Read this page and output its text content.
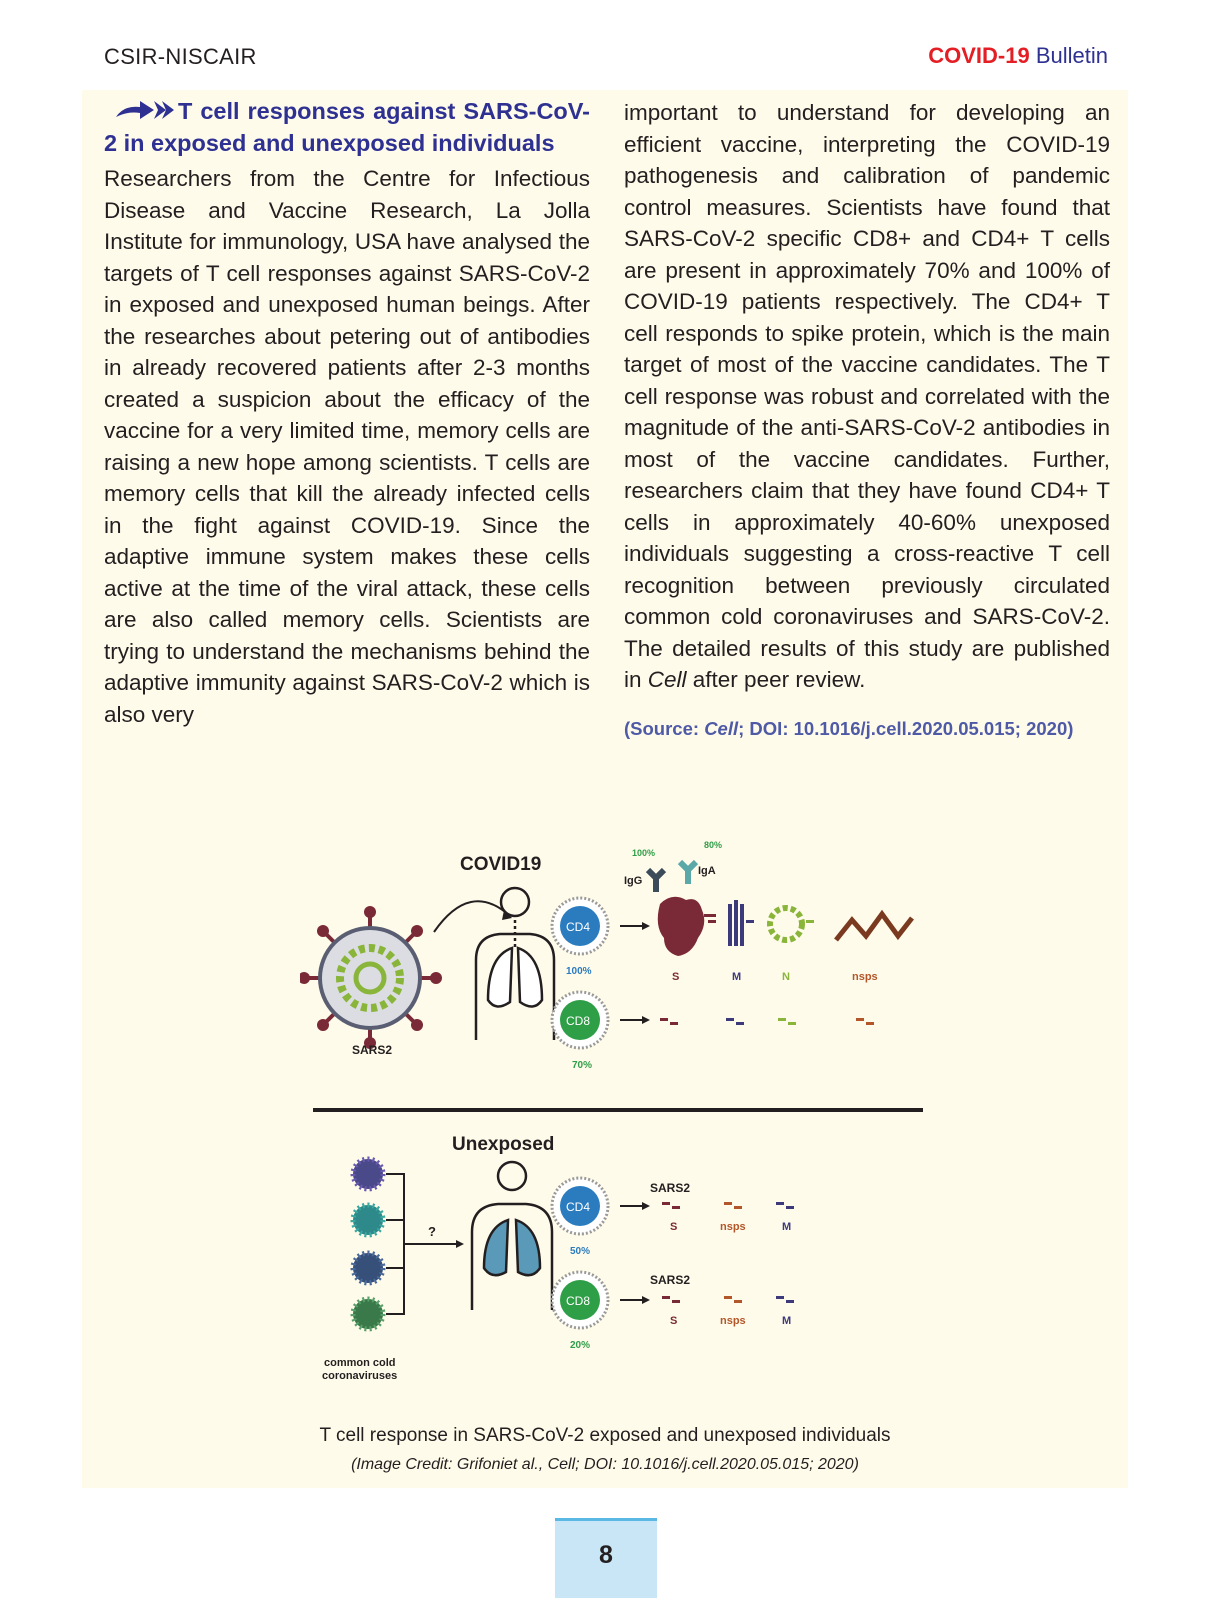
CSIR-NISCAIR	COVID-19 Bulletin
T cell responses against SARS-CoV-2 in exposed and unexposed individuals

Researchers from the Centre for Infectious Disease and Vaccine Research, La Jolla Institute for immunology, USA have analysed the targets of T cell responses against SARS-CoV-2 in exposed and unexposed human beings. After the researches about petering out of antibodies in already recovered patients after 2-3 months created a suspicion about the efficacy of the vaccine for a very limited time, memory cells are raising a new hope among scientists. T cells are memory cells that kill the already infected cells in the fight against COVID-19. Since the adaptive immune system makes these cells active at the time of the viral attack, these cells are also called memory cells. Scientists are trying to understand the mechanisms behind the adaptive immunity against SARS-CoV-2 which is also very

important to understand for developing an efficient vaccine, interpreting the COVID-19 pathogenesis and calibration of pandemic control measures. Scientists have found that SARS-CoV-2 specific CD8+ and CD4+ T cells are present in approximately 70% and 100% of COVID-19 patients respectively. The CD4+ T cell responds to spike protein, which is the main target of most of the vaccine candidates. The T cell response was robust and correlated with the magnitude of the anti-SARS-CoV-2 antibodies in most of the vaccine candidates. Further, researchers claim that they have found CD4+ T cells in approximately 40-60% unexposed individuals suggesting a cross-reactive T cell recognition between previously circulated common cold coronaviruses and SARS-CoV-2. The detailed results of this study are published in Cell after peer review.

(Source: Cell; DOI: 10.1016/j.cell.2020.05.015; 2020)
COVID19
SARS2
CD4
100%
CD8
70%
100%
80%
IgG
IgA
S	M	N	nsps
Unexposed
?
common cold
coronaviruses
CD4
50%
CD8
20%
SARS2
SARS2
S	nsps	M
S	nsps	M
T cell response in SARS-CoV-2 exposed and unexposed individuals
(Image Credit: Grifoniet al., Cell; DOI: 10.1016/j.cell.2020.05.015; 2020)
8
